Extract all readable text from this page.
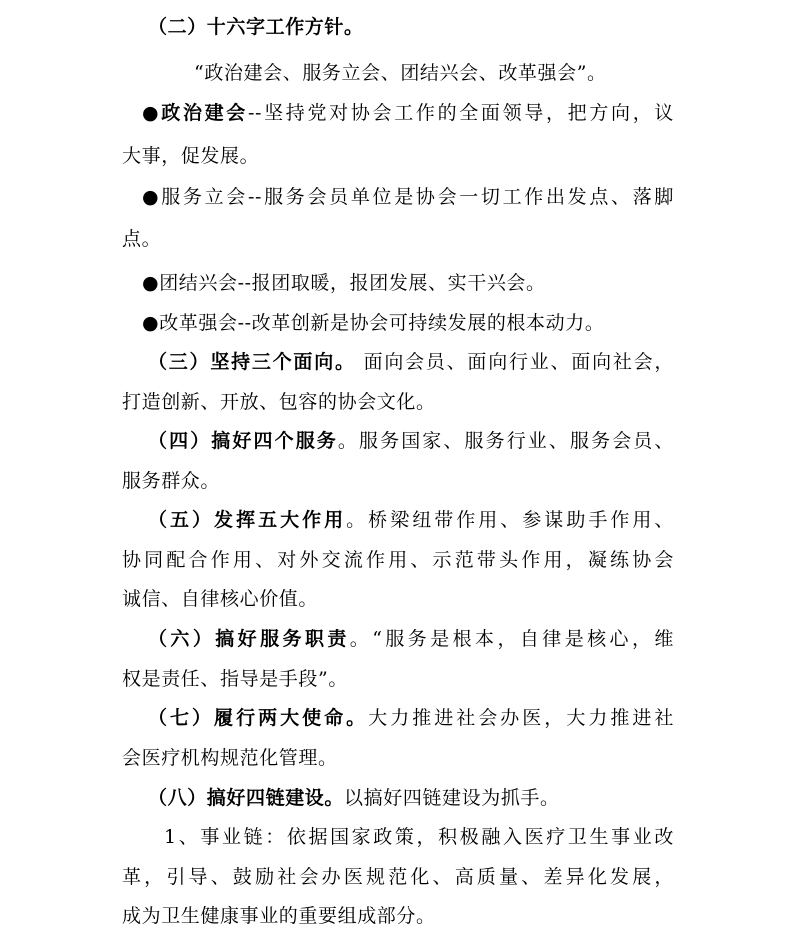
（二）十六字工作方针。
“政治建会、服务立会、团结兴会、改革强会”。
●政治建会--坚持党对协会工作的全面领导，把方向，议
大事，促发展。
●服务立会--服务会员单位是协会一切工作出发点、落脚
点。
●团结兴会--报团取暖，报团发展、实干兴会。
●改革强会--改革创新是协会可持续发展的根本动力。
（三）坚持三个面向。 面向会员、面向行业、面向社会，
打造创新、开放、包容的协会文化。
（四）搞好四个服务。服务国家、服务行业、服务会员、
服务群众。
（五）发挥五大作用。桥梁纽带作用、参谋助手作用、
协同配合作用、对外交流作用、示范带头作用，凝练协会
诚信、自律核心价值。
（六）搞好服务职责。“服务是根本，自律是核心，维
权是责任、指导是手段”。
（七）履行两大使命。大力推进社会办医，大力推进社
会医疗机构规范化管理。
（八）搞好四链建设。以搞好四链建设为抓手。
1、事业链：依据国家政策，积极融入医疗卫生事业改
革，引导、鼓励社会办医规范化、高质量、差异化发展，
成为卫生健康事业的重要组成部分。
